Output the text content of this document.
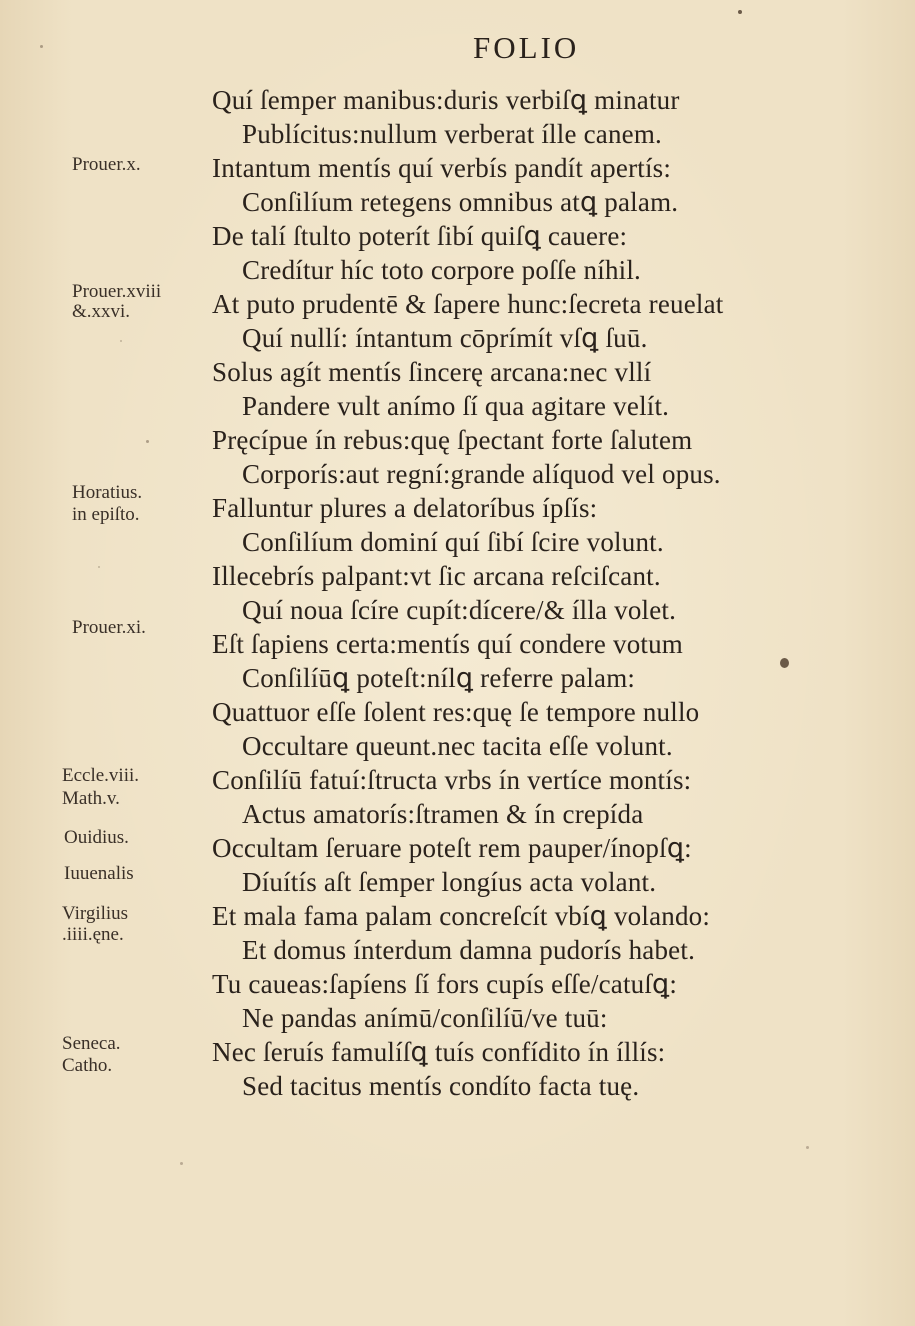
FOLIO
Quí ſemper manibus:duris verbiſꝗ minatur
Publícitus:nullum verberat ílle canem.
Intantum mentís quí verbís pandít apertís:
Conſilíum retegens omnibus atꝗ palam.
De talí ſtulto poterít ſibí quiſꝗ cauere:
Credítur híc toto corpore poſſe níhil.
At puto prudentē & ſapere hunc:ſecreta reuelat
Quí nullí: íntantum cōprímít vſꝗ ſuū.
Solus agít mentís ſincerę arcana:nec vllí
Pandere vult anímo ſí qua agitare velít.
Pręcípue ín rebus:quę ſpectant forte ſalutem
Corporís:aut regní:grande alíquod vel opus.
Falluntur plures a delatoríbus ípſís:
Conſilíum dominí quí ſibí ſcire volunt.
Illecebrís palpant:vt ſic arcana reſciſcant.
Quí noua ſcíre cupít:dícere/& ílla volet.
Eſt ſapiens certa:mentís quí condere votum
Conſilíūꝗ poteſt:nílꝗ referre palam:
Quattuor eſſe ſolent res:quę ſe tempore nullo
Occultare queunt.nec tacita eſſe volunt.
Conſilíū fatuí:ſtructa vrbs ín vertíce montís:
Actus amatorís:ſtramen & ín crepída
Occultam ſeruare poteſt rem pauper/ínopſꝗ:
Díuítís aſt ſemper longíus acta volant.
Et mala fama palam concreſcít vbíꝗ volando:
Et domus ínterdum damna pudorís habet.
Tu caueas:ſapíens ſí fors cupís eſſe/catuſꝗ:
Ne pandas anímū/conſilíū/ve tuū:
Nec ſeruís famulíſꝗ tuís confídito ín íllís:
Sed tacitus mentís condíto facta tuę.
Prouer.x.
Prouer.xviii
&.xxvi.
Horatius.
in epiſto.
Prouer.xi.
Eccle.viii.
Math.v.
Ouidius.
Iuuenalis
Virgilius
.iiii.ęne.
Seneca.
Catho.
